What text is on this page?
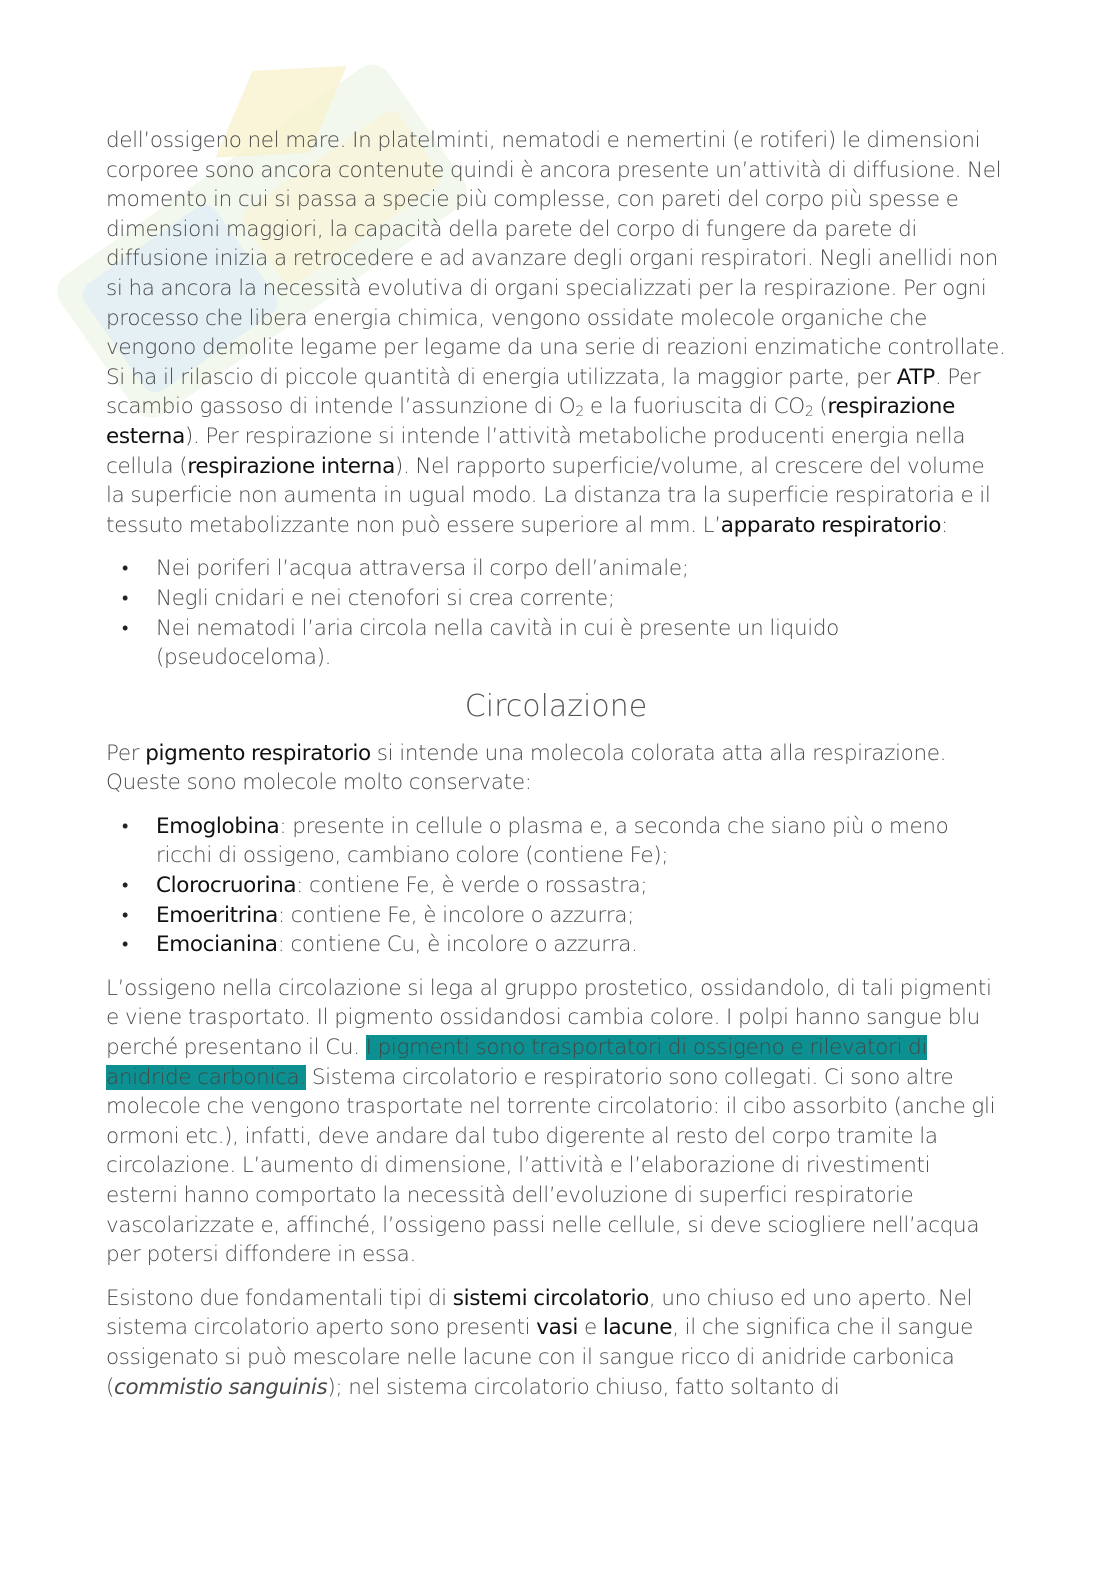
dell’ossigeno nel mare. In platelminti, nematodi e nemertini (e rotiferi) le dimensioni corporee sono ancora contenute quindi è ancora presente un’attività di diffusione. Nel momento in cui si passa a specie più complesse, con pareti del corpo più spesse e dimensioni maggiori, la capacità della parete del corpo di fungere da parete di diffusione inizia a retrocedere e ad avanzare degli organi respiratori. Negli anellidi non si ha ancora la necessità evolutiva di organi specializzati per la respirazione. Per ogni processo che libera energia chimica, vengono ossidate molecole organiche che vengono demolite legame per legame da una serie di reazioni enzimatiche controllate. Si ha il rilascio di piccole quantità di energia utilizzata, la maggior parte, per ATP. Per scambio gassoso di intende l’assunzione di $O_2$ e la fuoriuscita di $CO_2$ (respirazione esterna). Per respirazione si intende l’attività metaboliche producenti energia nella cellula (respirazione interna). Nel rapporto superficie/volume, al crescere del volume la superficie non aumenta in ugual modo. La distanza tra la superficie respiratoria e il tessuto metabolizzante non può essere superiore al mm. L’apparato respiratorio:

• Nei poriferi l’acqua attraversa il corpo dell’animale;
• Negli cnidari e nei ctenofori si crea corrente;
• Nei nematodi l’aria circola nella cavità in cui è presente un liquido (pseudoceloma).
Circolazione

Per pigmento respiratorio si intende una molecola colorata atta alla respirazione. Queste sono molecole molto conservate:

• Emoglobina: presente in cellule o plasma e, a seconda che siano più o meno ricchi di ossigeno, cambiano colore (contiene Fe);
• Clorocruorina: contiene Fe, è verde o rossastra;
• Emoeritrina: contiene Fe, è incolore o azzurra;
• Emocianina: contiene Cu, è incolore o azzurra.

L’ossigeno nella circolazione si lega al gruppo prostetico, ossidandolo, di tali pigmenti e viene trasportato. Il pigmento ossidandosi cambia colore. I polpi hanno sangue blu perché presentano il Cu. I pigmenti sono trasportatori di ossigeno e rilevatori di anidride carbonica. Sistema circolatorio e respiratorio sono collegati. Ci sono altre molecole che vengono trasportate nel torrente circolatorio: il cibo assorbito (anche gli ormoni etc.), infatti, deve andare dal tubo digerente al resto del corpo tramite la circolazione. L’aumento di dimensione, l’attività e l’elaborazione di rivestimenti esterni hanno comportato la necessità dell’evoluzione di superfici respiratorie vascolarizzate e, affinché, l’ossigeno passi nelle cellule, si deve sciogliere nell’acqua per potersi diffondere in essa.

Esistono due fondamentali tipi di sistemi circolatorio, uno chiuso ed uno aperto. Nel sistema circolatorio aperto sono presenti vasi e lacune, il che significa che il sangue ossigenato si può mescolare nelle lacune con il sangue ricco di anidride carbonica (commistio sanguinis); nel sistema circolatorio chiuso, fatto soltanto di
